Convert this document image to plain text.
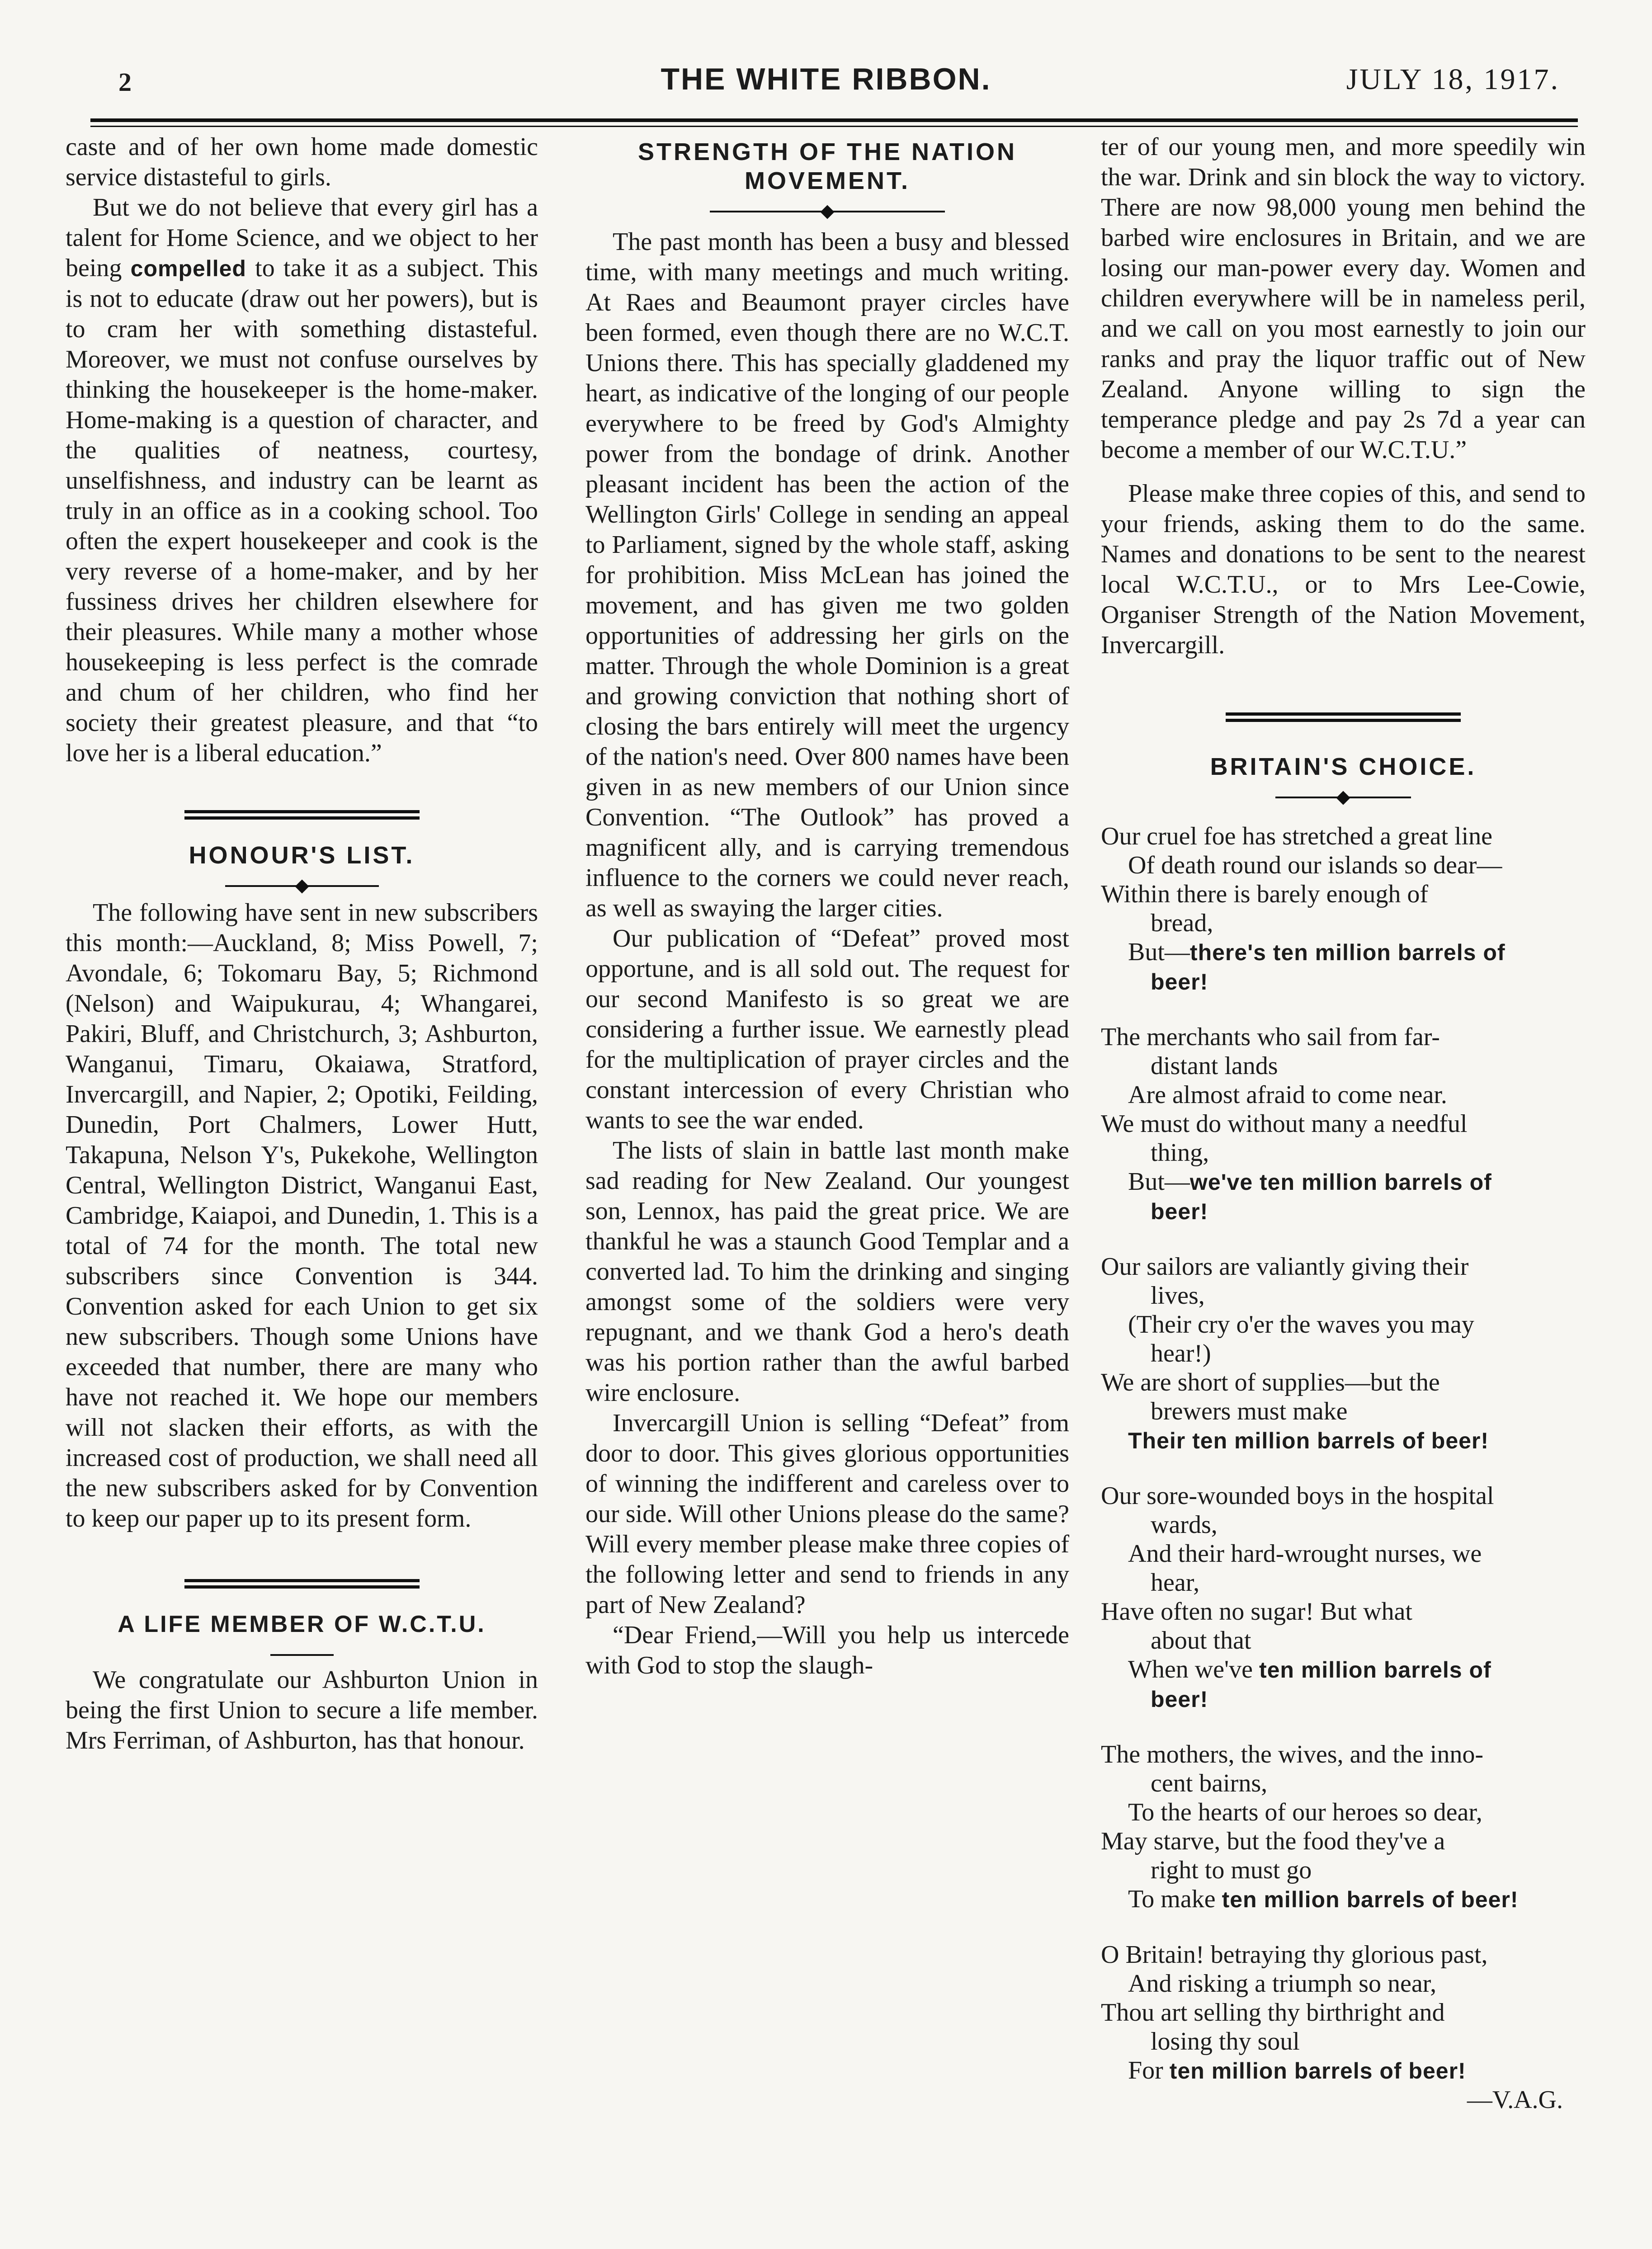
2	THE WHITE RIBBON.	JULY 18, 1917.

caste and of her own home made domestic service distasteful to girls.

But we do not believe that every girl has a talent for Home Science, and we object to her being compelled to take it as a subject. This is not to educate (draw out her powers), but is to cram her with something distasteful. Moreover, we must not confuse ourselves by thinking the housekeeper is the home-maker. Home-making is a question of character, and the qualities of neatness, courtesy, unselfishness, and industry can be learnt as truly in an office as in a cooking school. Too often the expert housekeeper and cook is the very reverse of a home-maker, and by her fussiness drives her children elsewhere for their pleasures. While many a mother whose housekeeping is less perfect is the comrade and chum of her children, who find her society their greatest pleasure, and that “to love her is a liberal education.”

HONOUR'S LIST.

The following have sent in new subscribers this month:—Auckland, 8; Miss Powell, 7; Avondale, 6; Tokomaru Bay, 5; Richmond (Nelson) and Waipukurau, 4; Whangarei, Pakiri, Bluff, and Christchurch, 3; Ashburton, Wanganui, Timaru, Okaiawa, Stratford, Invercargill, and Napier, 2; Opotiki, Feilding, Dunedin, Port Chalmers, Lower Hutt, Takapuna, Nelson Y's, Pukekohe, Wellington Central, Wellington District, Wanganui East, Cambridge, Kaiapoi, and Dunedin, 1. This is a total of 74 for the month. The total new subscribers since Convention is 344. Convention asked for each Union to get six new subscribers. Though some Unions have exceeded that number, there are many who have not reached it. We hope our members will not slacken their efforts, as with the increased cost of production, we shall need all the new subscribers asked for by Convention to keep our paper up to its present form.

A LIFE MEMBER OF W.C.T.U.

We congratulate our Ashburton Union in being the first Union to secure a life member. Mrs Ferriman, of Ashburton, has that honour.

STRENGTH OF THE NATION MOVEMENT.

The past month has been a busy and blessed time, with many meetings and much writing. At Raes and Beaumont prayer circles have been formed, even though there are no W.C.T. Unions there. This has specially gladdened my heart, as indicative of the longing of our people everywhere to be freed by God's Almighty power from the bondage of drink. Another pleasant incident has been the action of the Wellington Girls' College in sending an appeal to Parliament, signed by the whole staff, asking for prohibition. Miss McLean has joined the movement, and has given me two golden opportunities of addressing her girls on the matter. Through the whole Dominion is a great and growing conviction that nothing short of closing the bars entirely will meet the urgency of the nation's need. Over 800 names have been given in as new members of our Union since Convention. “The Outlook” has proved a magnificent ally, and is carrying tremendous influence to the corners we could never reach, as well as swaying the larger cities.

Our publication of “Defeat” proved most opportune, and is all sold out. The request for our second Manifesto is so great we are considering a further issue. We earnestly plead for the multiplication of prayer circles and the constant intercession of every Christian who wants to see the war ended.

The lists of slain in battle last month make sad reading for New Zealand. Our youngest son, Lennox, has paid the great price. We are thankful he was a staunch Good Templar and a converted lad. To him the drinking and singing amongst some of the soldiers were very repugnant, and we thank God a hero's death was his portion rather than the awful barbed wire enclosure.

Invercargill Union is selling “Defeat” from door to door. This gives glorious opportunities of winning the indifferent and careless over to our side. Will other Unions please do the same? Will every member please make three copies of the following letter and send to friends in any part of New Zealand?

“Dear Friend,—Will you help us intercede with God to stop the slaugh-

ter of our young men, and more speedily win the war. Drink and sin block the way to victory. There are now 98,000 young men behind the barbed wire enclosures in Britain, and we are losing our man-power every day. Women and children everywhere will be in nameless peril, and we call on you most earnestly to join our ranks and pray the liquor traffic out of New Zealand. Anyone willing to sign the temperance pledge and pay 2s 7d a year can become a member of our W.C.T.U.”

Please make three copies of this, and send to your friends, asking them to do the same. Names and donations to be sent to the nearest local W.C.T.U., or to Mrs Lee-Cowie, Organiser Strength of the Nation Movement, Invercargill.

BRITAIN'S CHOICE.
Our cruel foe has stretched a great line
Of death round our islands so dear—
Within there is barely enough of
bread,
But—there's ten million barrels of
beer!
The merchants who sail from far-
distant lands
Are almost afraid to come near.
We must do without many a needful
thing,
But—we've ten million barrels of
beer!
Our sailors are valiantly giving their
lives,
(Their cry o'er the waves you may
hear!)
We are short of supplies—but the
brewers must make
Their ten million barrels of beer!
Our sore-wounded boys in the hospital
wards,
And their hard-wrought nurses, we
hear,
Have often no sugar! But what
about that
When we've ten million barrels of
beer!
The mothers, the wives, and the inno-
cent bairns,
To the hearts of our heroes so dear,
May starve, but the food they've a
right to must go
To make ten million barrels of beer!
O Britain! betraying thy glorious past,
And risking a triumph so near,
Thou art selling thy birthright and
losing thy soul
For ten million barrels of beer!
—V.A.G.
